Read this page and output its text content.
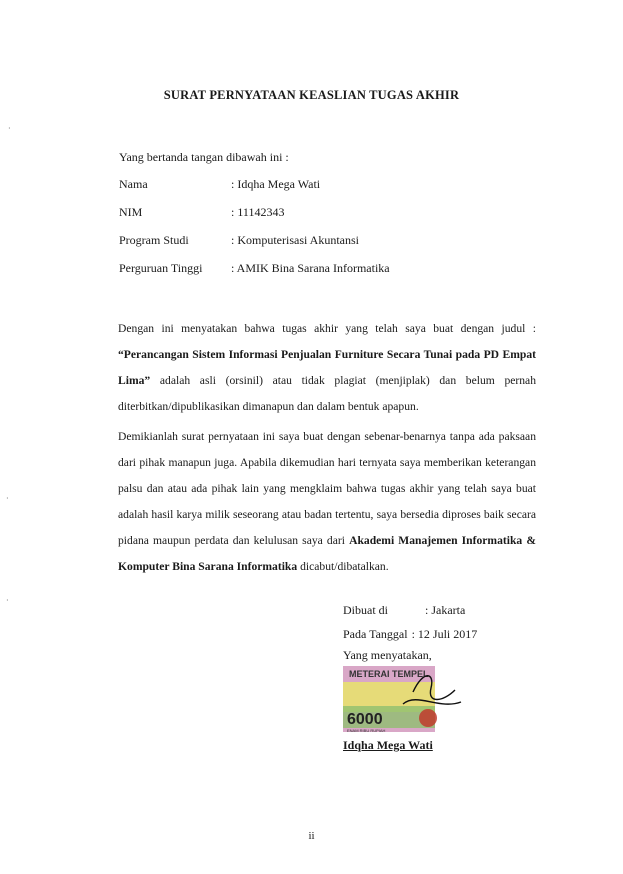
SURAT PERNYATAAN KEASLIAN TUGAS AKHIR
Yang bertanda tangan dibawah ini :
Nama	: Idqha Mega Wati
NIM	: 11142343
Program Studi	: Komputerisasi Akuntansi
Perguruan Tinggi : AMIK Bina Sarana Informatika
Dengan ini menyatakan bahwa tugas akhir yang telah saya buat dengan judul : “Perancangan Sistem Informasi Penjualan Furniture Secara Tunai pada PD Empat Lima” adalah asli (orsinil) atau tidak plagiat (menjiplak) dan belum pernah diterbitkan/dipublikasikan dimanapun dan dalam bentuk apapun.
Demikianlah surat pernyataan ini saya buat dengan sebenar-benarnya tanpa ada paksaan dari pihak manapun juga. Apabila dikemudian hari ternyata saya memberikan keterangan palsu dan atau ada pihak lain yang mengklaim bahwa tugas akhir yang telah saya buat adalah hasil karya milik seseorang atau badan tertentu, saya bersedia diproses baik secara pidana maupun perdata dan kelulusan saya dari Akademi Manajemen Informatika & Komputer Bina Sarana Informatika dicabut/dibatalkan.
Dibuat di	: Jakarta
Pada Tanggal : 12 Juli 2017
Yang menyatakan,
METERAI TEMPEL
6000
ENAM RIBU RUPIAH
Idqha Mega Wati
ii
·
·
·
